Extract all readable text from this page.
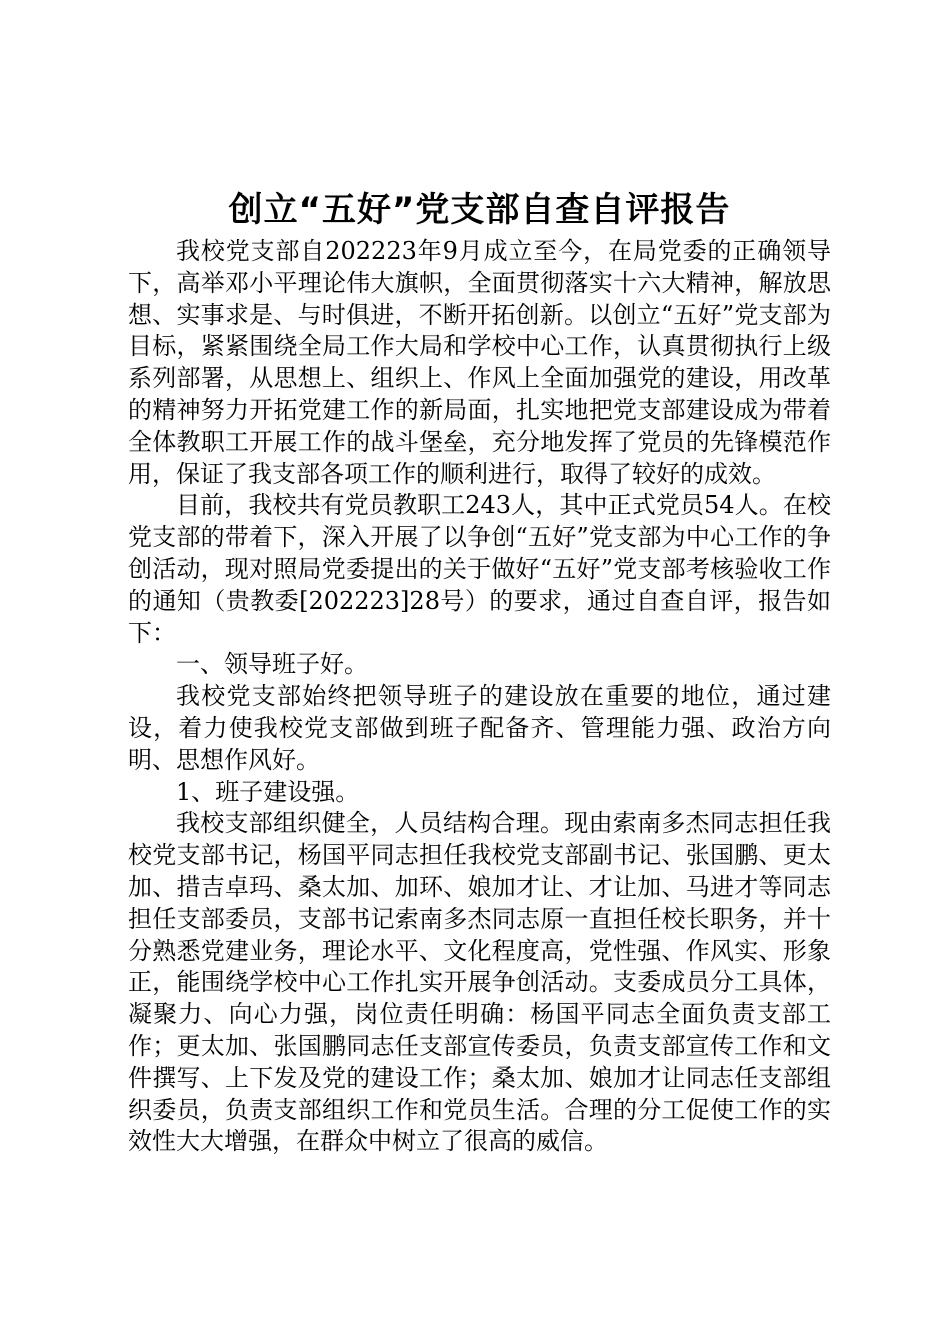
创立“五好”党支部自查自评报告

我校党支部自202223年9月成立至今，在局党委的正确领导下，高举邓小平理论伟大旗帜，全面贯彻落实十六大精神，解放思想、实事求是、与时俱进，不断开拓创新。以创立“五好”党支部为目标，紧紧围绕全局工作大局和学校中心工作，认真贯彻执行上级系列部署，从思想上、组织上、作风上全面加强党的建设，用改革的精神努力开拓党建工作的新局面，扎实地把党支部建设成为带着全体教职工开展工作的战斗堡垒，充分地发挥了党员的先锋模范作用，保证了我支部各项工作的顺利进行，取得了较好的成效。

目前，我校共有党员教职工243人，其中正式党员54人。在校党支部的带着下，深入开展了以争创“五好”党支部为中心工作的争创活动，现对照局党委提出的关于做好“五好”党支部考核验收工作的通知（贵教委[202223]28号）的要求，通过自查自评，报告如下：

一、领导班子好。

我校党支部始终把领导班子的建设放在重要的地位，通过建设，着力使我校党支部做到班子配备齐、管理能力强、政治方向明、思想作风好。

1、班子建设强。

我校支部组织健全，人员结构合理。现由索南多杰同志担任我校党支部书记，杨国平同志担任我校党支部副书记、张国鹏、更太加、措吉卓玛、桑太加、加环、娘加才让、才让加、马进才等同志担任支部委员，支部书记索南多杰同志原一直担任校长职务，并十分熟悉党建业务，理论水平、文化程度高，党性强、作风实、形象正，能围绕学校中心工作扎实开展争创活动。支委成员分工具体，凝聚力、向心力强，岗位责任明确：杨国平同志全面负责支部工作；更太加、张国鹏同志任支部宣传委员，负责支部宣传工作和文件撰写、上下发及党的建设工作；桑太加、娘加才让同志任支部组织委员，负责支部组织工作和党员生活。合理的分工促使工作的实效性大大增强，在群众中树立了很高的威信。
